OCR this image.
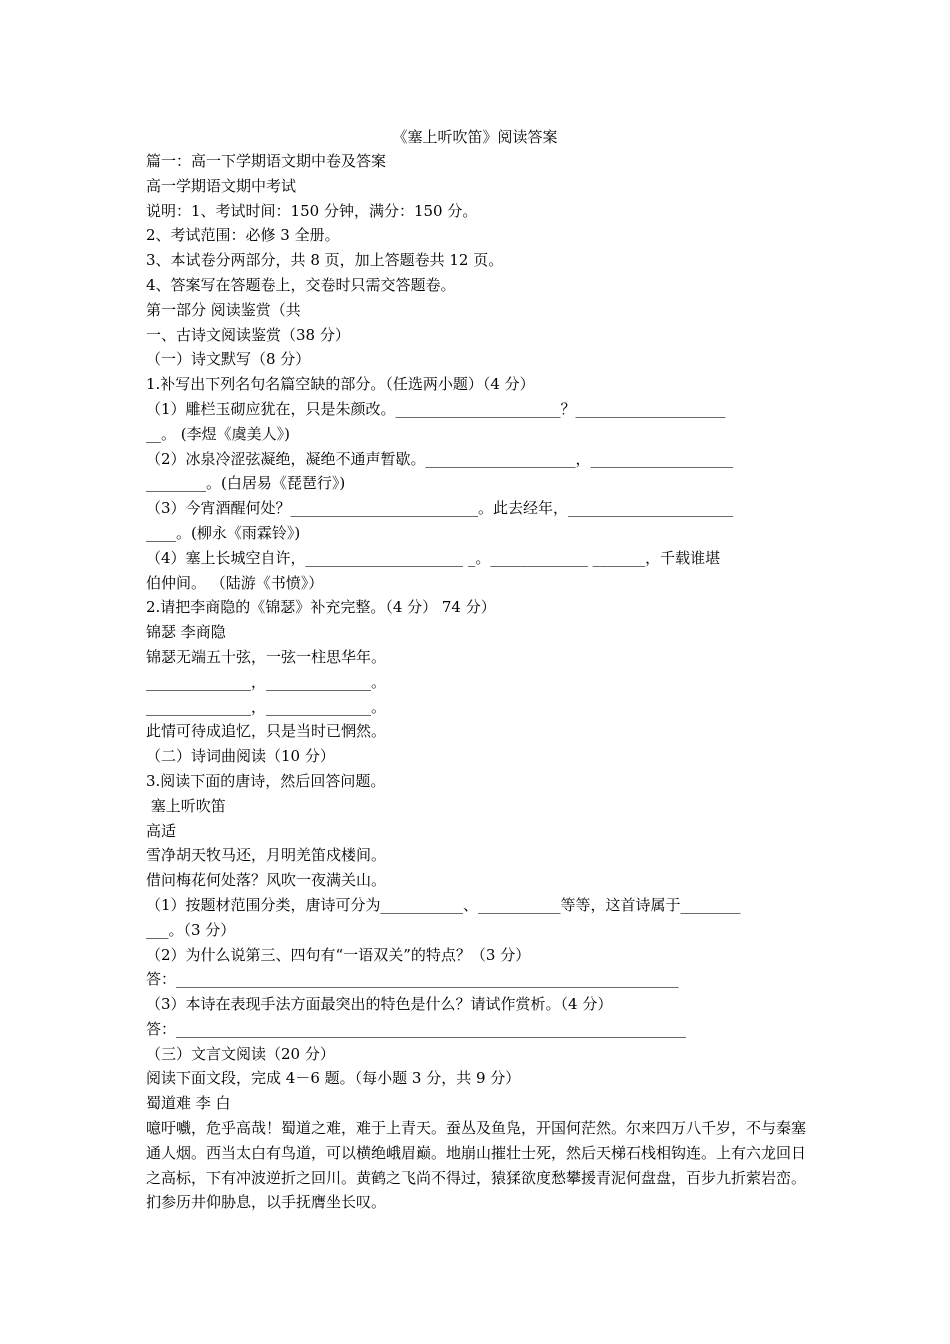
《塞上听吹笛》阅读答案
篇一：高一下学期语文期中卷及答案
高一学期语文期中考试
说明：1、考试时间：150 分钟，满分：150 分。
2、考试范围：必修 3 全册。
3、本试卷分两部分，共 8 页，加上答题卷共 12 页。
4、答案写在答题卷上，交卷时只需交答题卷。
第一部分 阅读鉴赏（共
一、古诗文阅读鉴赏（38 分）
（一）诗文默写（8 分）
1.补写出下列名句名篇空缺的部分。（任选两小题）（4 分）
（1）雕栏玉砌应犹在，只是朱颜改。______________________？____________________
__。 (李煜《虞美人》)
（2）冰泉冷涩弦凝绝，凝绝不通声暂歇。____________________，___________________
________。(白居易《琵琶行》)
（3）今宵酒醒何处？_________________________。此去经年，______________________
____。(柳永《雨霖铃》)
（4）塞上长城空自许，_____________________ _。_____________ _______，千载谁堪
伯仲间。 （陆游《书愤》）
2.请把李商隐的《锦瑟》补充完整。（4 分） 74 分）
锦瑟 李商隐
锦瑟无端五十弦，一弦一柱思华年。
______________，______________。
______________，______________。
此情可待成追忆，只是当时已惘然。
（二）诗词曲阅读（10 分）
3.阅读下面的唐诗，然后回答问题。
塞上听吹笛
高适
雪净胡天牧马还，月明羌笛戍楼间。
借问梅花何处落？风吹一夜满关山。
（1）按题材范围分类，唐诗可分为___________、___________等等，这首诗属于________
___。（3 分）
（2）为什么说第三、四句有“一语双关”的特点？（3 分）
答：___________________________________________________________________
（3）本诗在表现手法方面最突出的特色是什么？请试作赏析。（4 分）
答：____________________________________________________________________
（三）文言文阅读（20 分）
阅读下面文段，完成 4－6 题。（每小题 3 分，共 9 分）
蜀道难 李 白
噫吁嚱，危乎高哉！蜀道之难，难于上青天。蚕丛及鱼凫，开国何茫然。尔来四万八千岁，不与秦塞通人烟。西当太白有鸟道，可以横绝峨眉巅。地崩山摧壮士死，然后天梯石栈相钩连。上有六龙回日之高标，下有冲波逆折之回川。黄鹤之飞尚不得过，猿猱欲度愁攀援青泥何盘盘，百步九折萦岩峦。扪参历井仰胁息，以手抚膺坐长叹。
